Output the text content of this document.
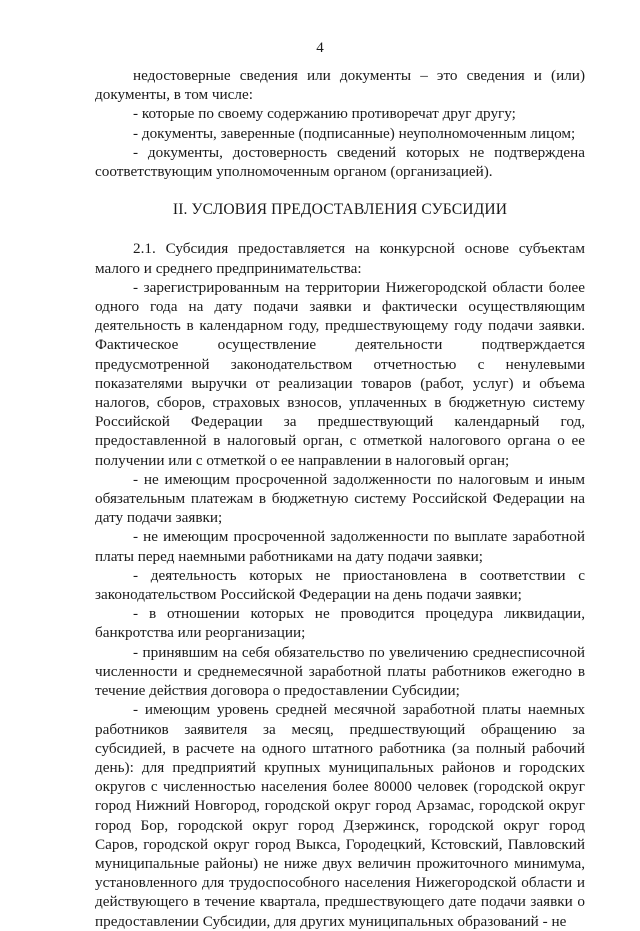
4

недостоверные сведения или документы – это сведения и (или) документы, в том числе:

- которые по своему содержанию противоречат друг другу;

- документы, заверенные (подписанные) неуполномоченным лицом;

- документы, достоверность сведений которых не подтверждена соответствующим уполномоченным органом (организацией).

II. УСЛОВИЯ ПРЕДОСТАВЛЕНИЯ СУБСИДИИ

2.1. Субсидия предоставляется на конкурсной основе субъектам малого и среднего предпринимательства:

- зарегистрированным на территории Нижегородской области более одного года на дату подачи заявки и фактически осуществляющим деятельность в календарном году, предшествующему году подачи заявки. Фактическое осуществление деятельности подтверждается предусмотренной законодательством отчетностью с ненулевыми показателями выручки от реализации товаров (работ, услуг) и объема налогов, сборов, страховых взносов, уплаченных в бюджетную систему Российской Федерации за предшествующий календарный год, предоставленной в налоговый орган, с отметкой налогового органа о ее получении или с отметкой о ее направлении в налоговый орган;

- не имеющим просроченной задолженности по налоговым и иным обязательным платежам в бюджетную систему Российской Федерации на дату подачи заявки;

- не имеющим просроченной задолженности по выплате заработной платы перед наемными работниками на дату подачи заявки;

- деятельность которых не приостановлена в соответствии с законодательством Российской Федерации на день подачи заявки;

- в отношении которых не проводится процедура ликвидации, банкротства или реорганизации;

- принявшим на себя обязательство по увеличению среднесписочной численности и среднемесячной заработной платы работников ежегодно в течение действия договора о предоставлении Субсидии;

- имеющим уровень средней месячной заработной платы наемных работников заявителя за месяц, предшествующий обращению за субсидией, в расчете на одного штатного работника (за полный рабочий день): для предприятий крупных муниципальных районов и городских округов с численностью населения более 80000 человек (городской округ город Нижний Новгород, городской округ город Арзамас, городской округ город Бор, городской округ город Дзержинск, городской округ город Саров, городской округ город Выкса, Городецкий, Кстовский, Павловский муниципальные районы) не ниже двух величин прожиточного минимума, установленного для трудоспособного населения Нижегородской области и действующего в течение квартала, предшествующего дате подачи заявки о предоставлении Субсидии, для других муниципальных образований - не
